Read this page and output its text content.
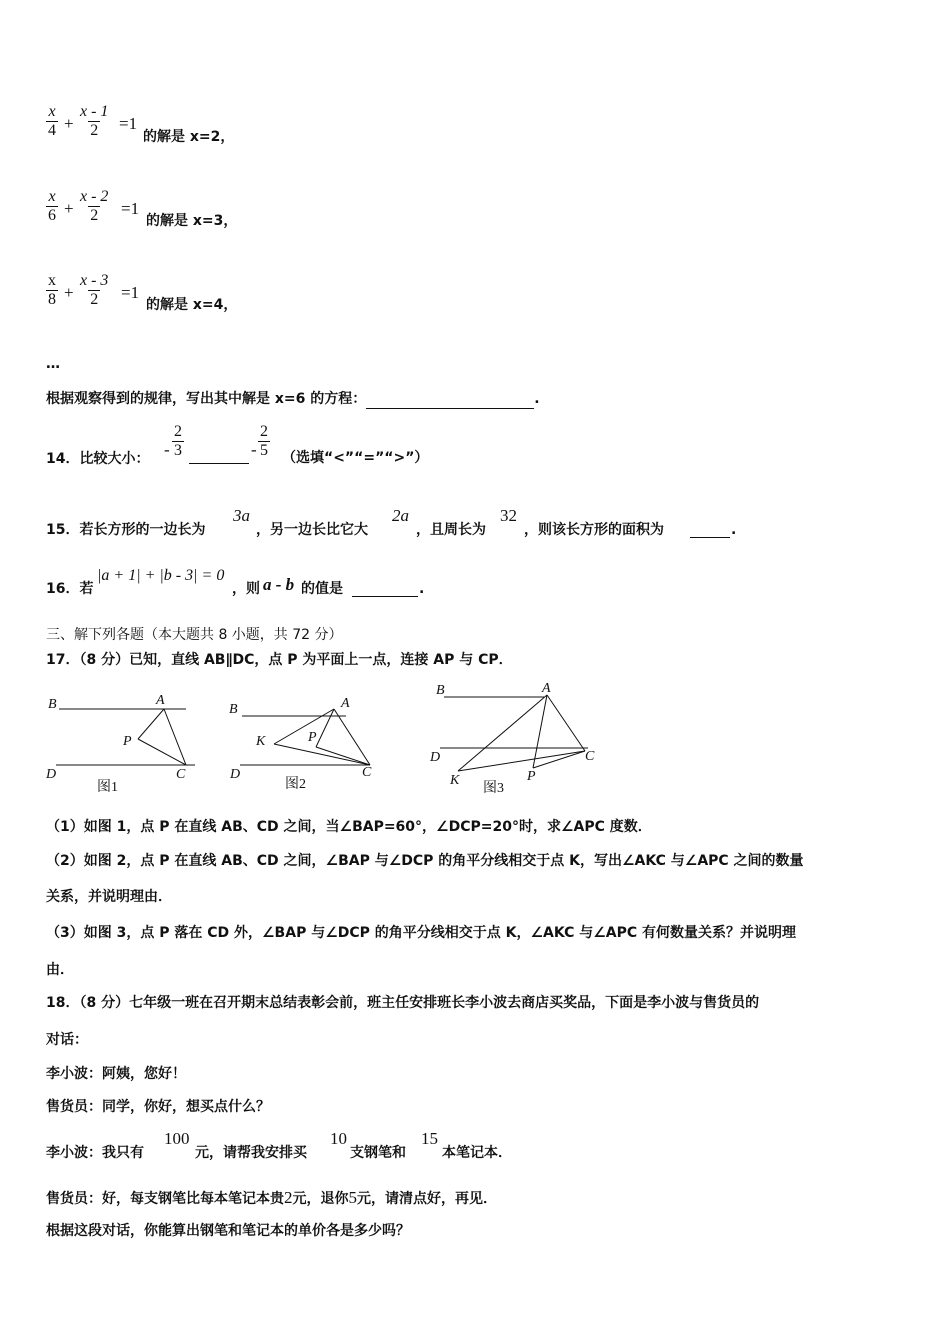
$\frac{x}{4} + \frac{x - 1}{2} =1$
的解是 x=2，
$\frac{x}{6} + \frac{x - 2}{2} =1$
的解是 x=3，
$\frac{x}{8} + \frac{x - 3}{2} =1$
的解是 x=4，
…
根据观察得到的规律，写出其中解是 x=6 的方程：	.
14．比较大小： - $\frac{2}{3}$	- $\frac{2}{5}$ （选填“<”“=”“>”）
15．若长方形的一边长为
3a
，另一边长比它大
2a
，且周长为
32
，则该长方形的面积为	.
16．若
|a + 1| + |b - 3| = 0
，则 a - b 的值是	.
三、解下列各题（本大题共 8 小题，共 72 分）
17．（8 分）已知，直线 AB∥DC，点 P 为平面上一点，连接 AP 与 CP．
B	A
P
D	C
图1
B	A
K	P
D	C
图2
B	A
D	C
K	P
图3
（1）如图 1，点 P 在直线 AB、CD 之间，当∠BAP=60°，∠DCP=20°时，求∠APC 度数．
（2）如图 2，点 P 在直线 AB、CD 之间，∠BAP 与∠DCP 的角平分线相交于点 K，写出∠AKC 与∠APC 之间的数量
关系，并说明理由．
（3）如图 3，点 P 落在 CD 外，∠BAP 与∠DCP 的角平分线相交于点 K，∠AKC 与∠APC 有何数量关系？并说明理
由．
18．（8 分）七年级一班在召开期末总结表彰会前，班主任安排班长李小波去商店买奖品，下面是李小波与售货员的
对话：
李小波：阿姨，您好！
售货员：同学，你好，想买点什么？
李小波：我只有
100
元，请帮我安排买
10
支钢笔和
15
本笔记本．
售货员：好，每支钢笔比每本笔记本贵2元，退你5元，请清点好，再见．
根据这段对话，你能算出钢笔和笔记本的单价各是多少吗？
